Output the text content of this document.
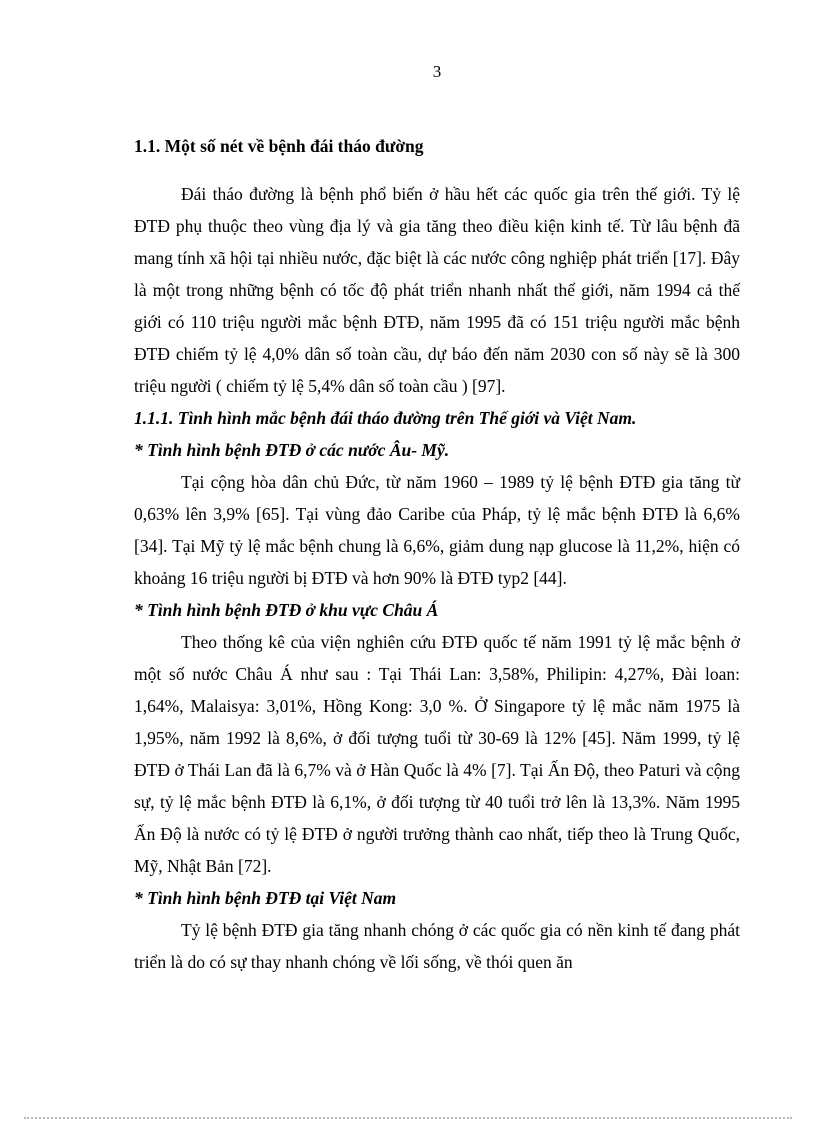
3
1.1. Một số nét về bệnh đái tháo đường

Đái tháo đường là bệnh phổ biến ở hầu hết các quốc gia trên thế giới. Tỷ lệ ĐTĐ phụ thuộc theo vùng địa lý và gia tăng theo điều kiện kinh tế. Từ lâu bệnh đã mang tính xã hội tại nhiều nước, đặc biệt là các nước công nghiệp phát triển [17]. Đây là một trong những bệnh có tốc độ phát triển nhanh nhất thế giới, năm 1994 cả thế giới có 110 triệu người mắc bệnh ĐTĐ, năm 1995 đã có 151 triệu người mắc bệnh ĐTĐ chiếm tỷ lệ 4,0% dân số toàn cầu, dự báo đến năm 2030 con số này sẽ là 300 triệu người ( chiếm tỷ lệ 5,4% dân số toàn cầu ) [97].

1.1.1. Tình hình mắc bệnh đái tháo đường trên Thế giới và Việt Nam.
* Tình hình bệnh ĐTĐ ở các nước Âu- Mỹ.

Tại cộng hòa dân chủ Đức, từ năm 1960 – 1989 tỷ lệ bệnh ĐTĐ gia tăng từ 0,63% lên 3,9% [65]. Tại vùng đảo Caribe của Pháp, tỷ lệ mắc bệnh ĐTĐ là 6,6% [34]. Tại Mỹ tỷ lệ mắc bệnh chung là 6,6%, giảm dung nạp glucose là 11,2%, hiện có khoảng 16 triệu người bị ĐTĐ và hơn 90% là ĐTĐ typ2 [44].

* Tình hình bệnh ĐTĐ ở khu vực Châu Á

Theo thống kê của viện nghiên cứu ĐTĐ quốc tế năm 1991 tỷ lệ mắc bệnh ở một số nước Châu Á như sau : Tại Thái Lan: 3,58%, Philipin: 4,27%, Đài loan: 1,64%, Malaisya: 3,01%, Hồng Kong: 3,0 %. Ở Singapore tỷ lệ mắc năm 1975 là 1,95%, năm 1992 là 8,6%, ở đối tượng tuổi từ 30-69 là 12% [45]. Năm 1999, tỷ lệ ĐTĐ ở Thái Lan đã là 6,7% và ở Hàn Quốc là 4% [7]. Tại Ấn Độ, theo Paturi và cộng sự, tỷ lệ mắc bệnh ĐTĐ là 6,1%, ở đối tượng từ 40 tuổi trở lên là 13,3%. Năm 1995 Ấn Độ là nước có tỷ lệ ĐTĐ ở người trưởng thành cao nhất, tiếp theo là Trung Quốc, Mỹ, Nhật Bản [72].

* Tình hình bệnh ĐTĐ tại Việt Nam

Tỷ lệ bệnh ĐTĐ gia tăng nhanh chóng ở các quốc gia có nền kinh tế đang phát triển là do có sự thay nhanh chóng về lối sống, về thói quen ăn
